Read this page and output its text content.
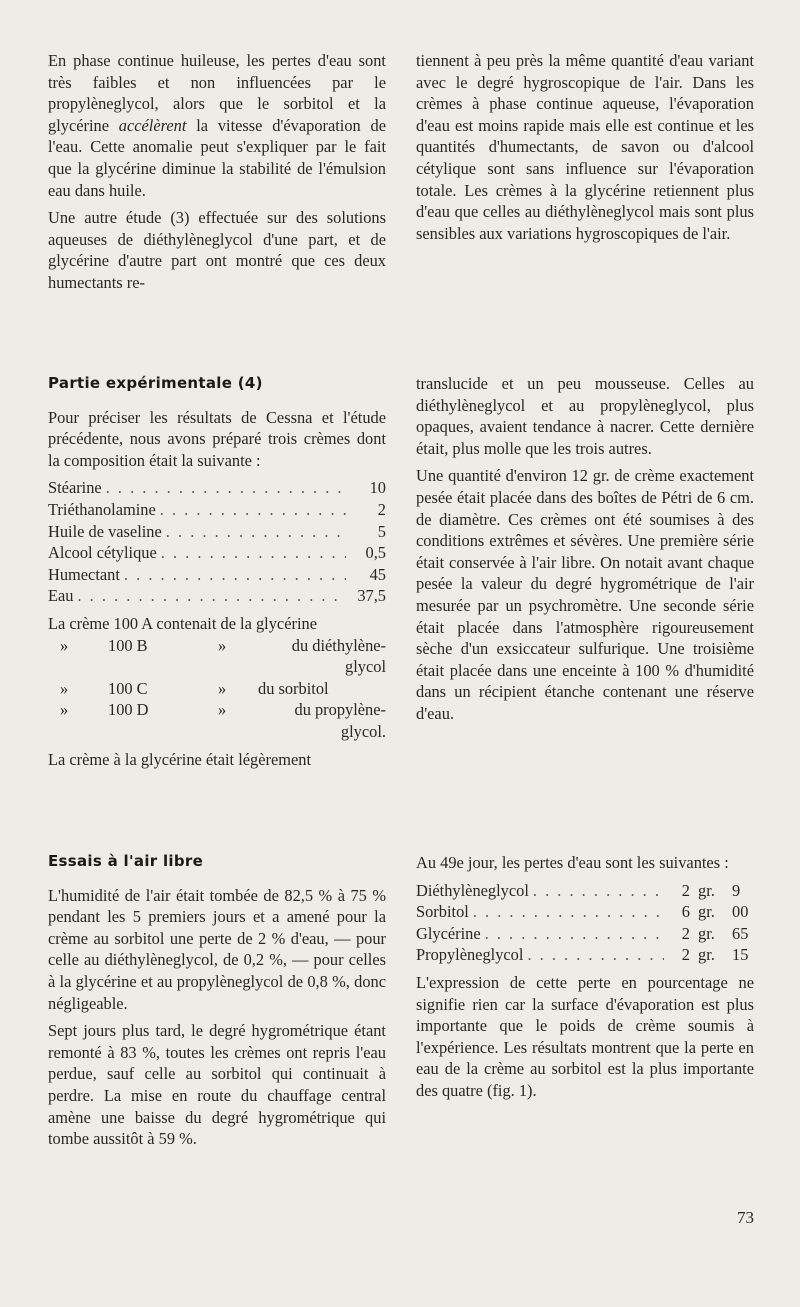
En phase continue huileuse, les pertes d'eau sont très faibles et non influencées par le propylèneglycol, alors que le sorbitol et la glycérine accélèrent la vitesse d'évaporation de l'eau. Cette anomalie peut s'expliquer par le fait que la glycérine diminue la stabilité de l'émulsion eau dans huile.

Une autre étude (3) effectuée sur des solutions aqueuses de diéthylèneglycol d'une part, et de glycérine d'autre part ont montré que ces deux humectants re-

tiennent à peu près la même quantité d'eau variant avec le degré hygroscopique de l'air. Dans les crèmes à phase continue aqueuse, l'évaporation d'eau est moins rapide mais elle est continue et les quantités d'humectants, de savon ou d'alcool cétylique sont sans influence sur l'évaporation totale. Les crèmes à la glycérine retiennent plus d'eau que celles au diéthylèneglycol mais sont plus sensibles aux variations hygroscopiques de l'air.

Partie expérimentale (4)

Pour préciser les résultats de Cessna et l'étude précédente, nous avons préparé trois crèmes dont la composition était la suivante :

Stéarine . . .	10
Triéthanolamine . . .	2
Huile de vaseline . . .	5
Alcool cétylique . . .	0,5
Humectant . . .	45
Eau . . .	37,5
La crème 100 A contenait de la glycérine
»	100 B	»	du diéthylène-
glycol
»	100 C	»	du sorbitol
»	100 D	»	du propylène-
glycol.

La crème à la glycérine était légèrement

translucide et un peu mousseuse. Celles au diéthylèneglycol et au propylèneglycol, plus opaques, avaient tendance à nacrer. Cette dernière était, plus molle que les trois autres.

Une quantité d'environ 12 gr. de crème exactement pesée était placée dans des boîtes de Pétri de 6 cm. de diamètre. Ces crèmes ont été soumises à des conditions extrêmes et sévères. Une première série était conservée à l'air libre. On notait avant chaque pesée la valeur du degré hygrométrique de l'air mesurée par un psychromètre. Une seconde série était placée dans l'atmosphère rigoureusement sèche d'un exsiccateur sulfurique. Une troisième était placée dans une enceinte à 100 % d'humidité dans un récipient étanche contenant une réserve d'eau.

Essais à l'air libre

L'humidité de l'air était tombée de 82,5 % à 75 % pendant les 5 premiers jours et a amené pour la crème au sorbitol une perte de 2 % d'eau, — pour celle au diéthylèneglycol, de 0,2 %, — pour celles à la glycérine et au propylèneglycol de 0,8 %, donc négligeable.

Sept jours plus tard, le degré hygrométrique étant remonté à 83 %, toutes les crèmes ont repris l'eau perdue, sauf celle au sorbitol qui continuait à perdre. La mise en route du chauffage central amène une baisse du degré hygrométrique qui tombe aussitôt à 59 %.

Au 49e jour, les pertes d'eau sont les suivantes :

Diéthylèneglycol . . .	2 gr.	9
Sorbitol . . .	6 gr.	00
Glycérine . . .	2 gr.	65
Propylèneglycol . . .	2 gr.	15

L'expression de cette perte en pourcentage ne signifie rien car la surface d'évaporation est plus importante que le poids de crème soumis à l'expérience. Les résultats montrent que la perte en eau de la crème au sorbitol est la plus importante des quatre (fig. 1).

73
